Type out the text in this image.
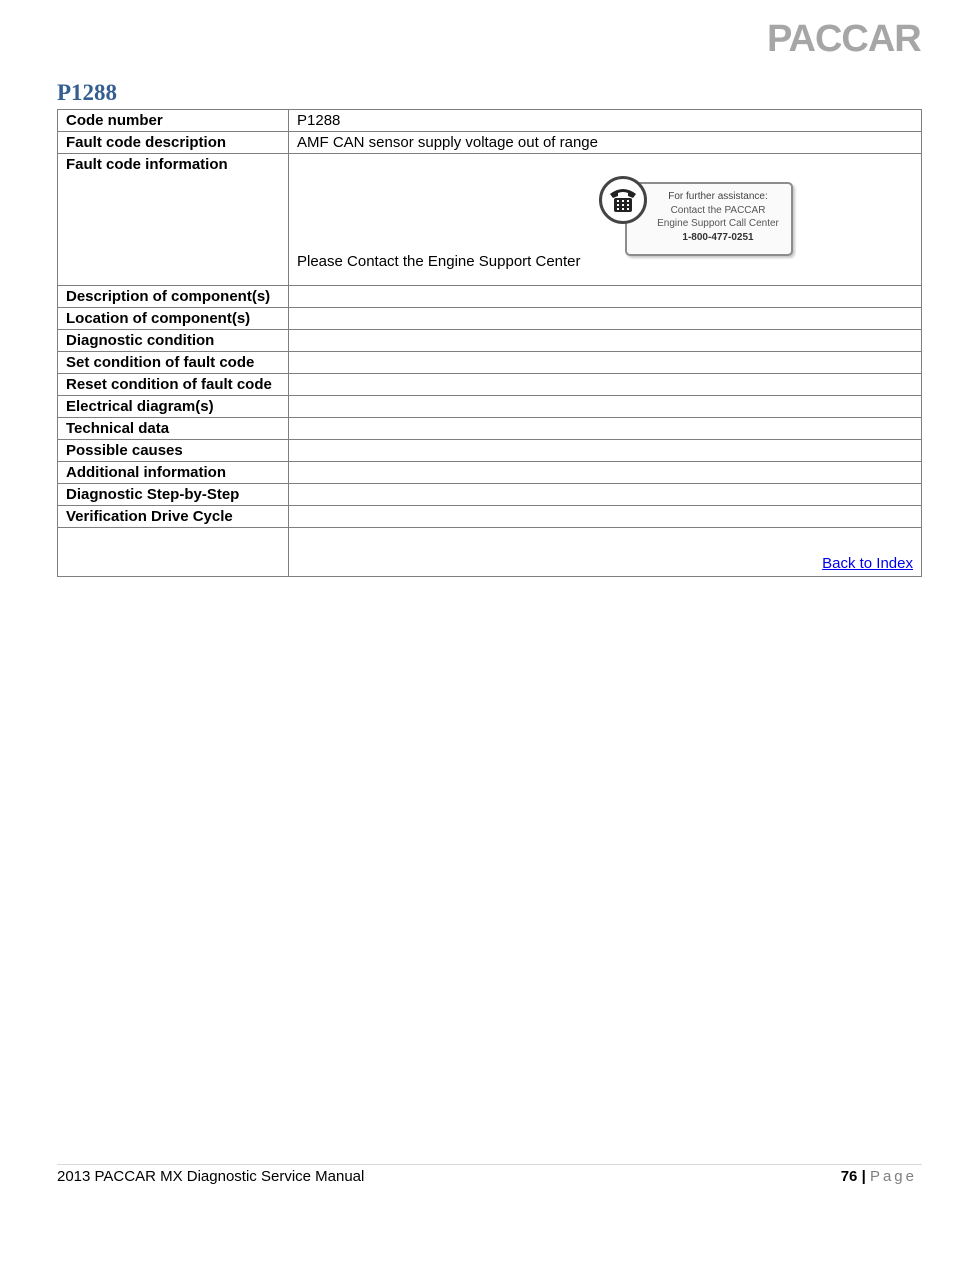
PACCAR
P1288
Code number	P1288
Fault code description	AMF CAN sensor supply voltage out of range
Fault code information	Please Contact the Engine Support Center
For further assistance:
Contact the PACCAR
Engine Support Call Center
1-800-477-0251

Description of component(s)	
Location of component(s)	
Diagnostic condition	
Set condition of fault code	
Reset condition of fault code	
Electrical diagram(s)	
Technical data	
Possible causes	
Additional information	
Diagnostic Step-by-Step	
Verification Drive Cycle	

	Back to Index
2013 PACCAR MX Diagnostic Service Manual	76 | Page
